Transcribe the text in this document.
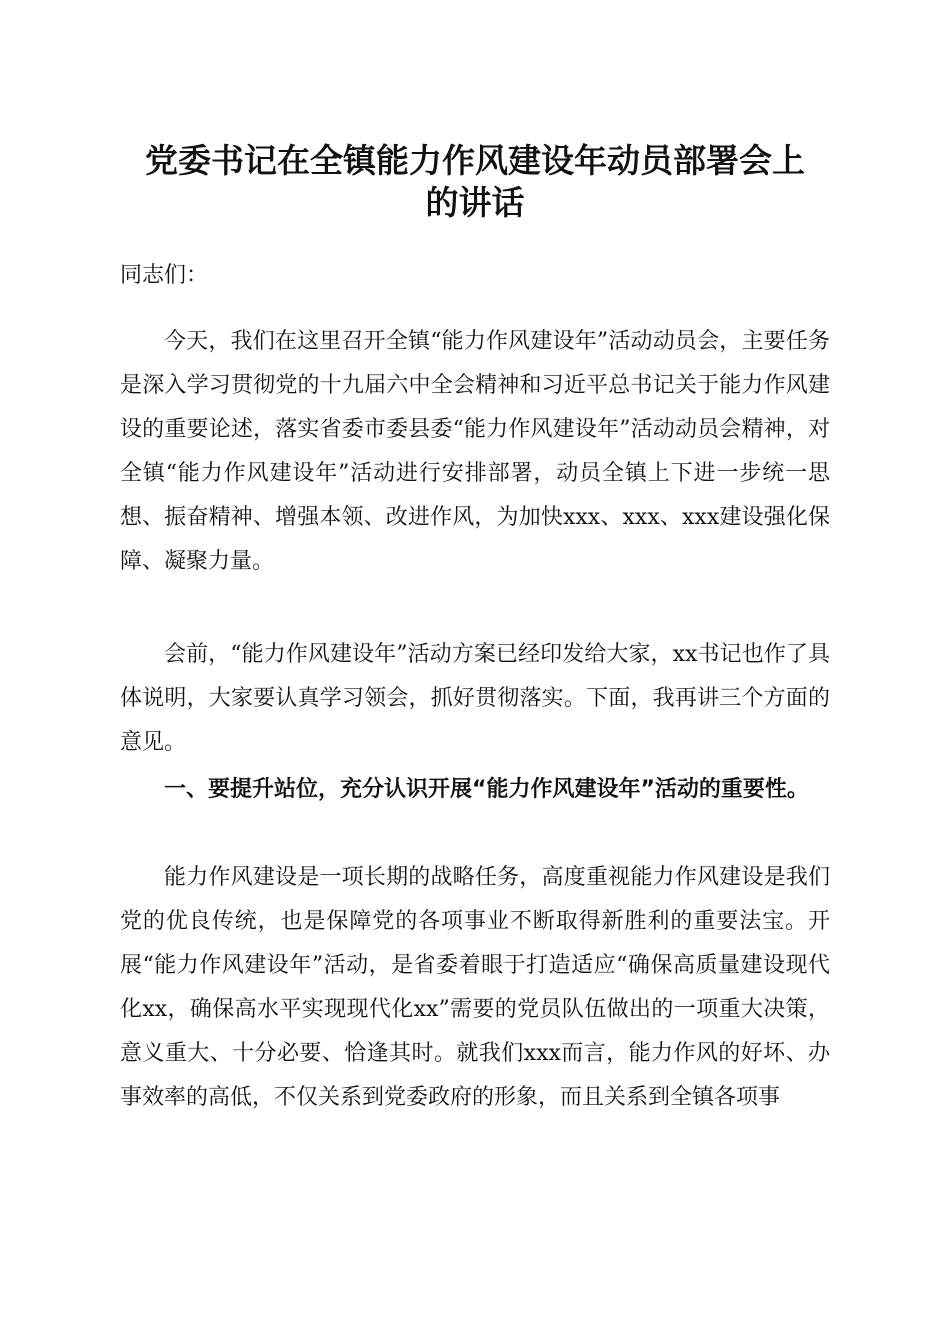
党委书记在全镇能力作风建设年动员部署会上
的讲话

同志们：

今天，我们在这里召开全镇“能力作风建设年”活动动员会，主要任务是深入学习贯彻党的十九届六中全会精神和习近平总书记关于能力作风建设的重要论述，落实省委市委县委“能力作风建设年”活动动员会精神，对全镇“能力作风建设年”活动进行安排部署，动员全镇上下进一步统一思想、振奋精神、增强本领、改进作风，为加快xxx、xxx、xxx建设强化保障、凝聚力量。

会前，“能力作风建设年”活动方案已经印发给大家，xx书记也作了具体说明，大家要认真学习领会，抓好贯彻落实。下面，我再讲三个方面的意见。

一、要提升站位，充分认识开展“能力作风建设年”活动的重要性。

能力作风建设是一项长期的战略任务，高度重视能力作风建设是我们党的优良传统，也是保障党的各项事业不断取得新胜利的重要法宝。开展“能力作风建设年”活动，是省委着眼于打造适应“确保高质量建设现代化xx，确保高水平实现现代化xx”需要的党员队伍做出的一项重大决策，意义重大、十分必要、恰逢其时。就我们xxx而言，能力作风的好坏、办事效率的高低，不仅关系到党委政府的形象，而且关系到全镇各项事
